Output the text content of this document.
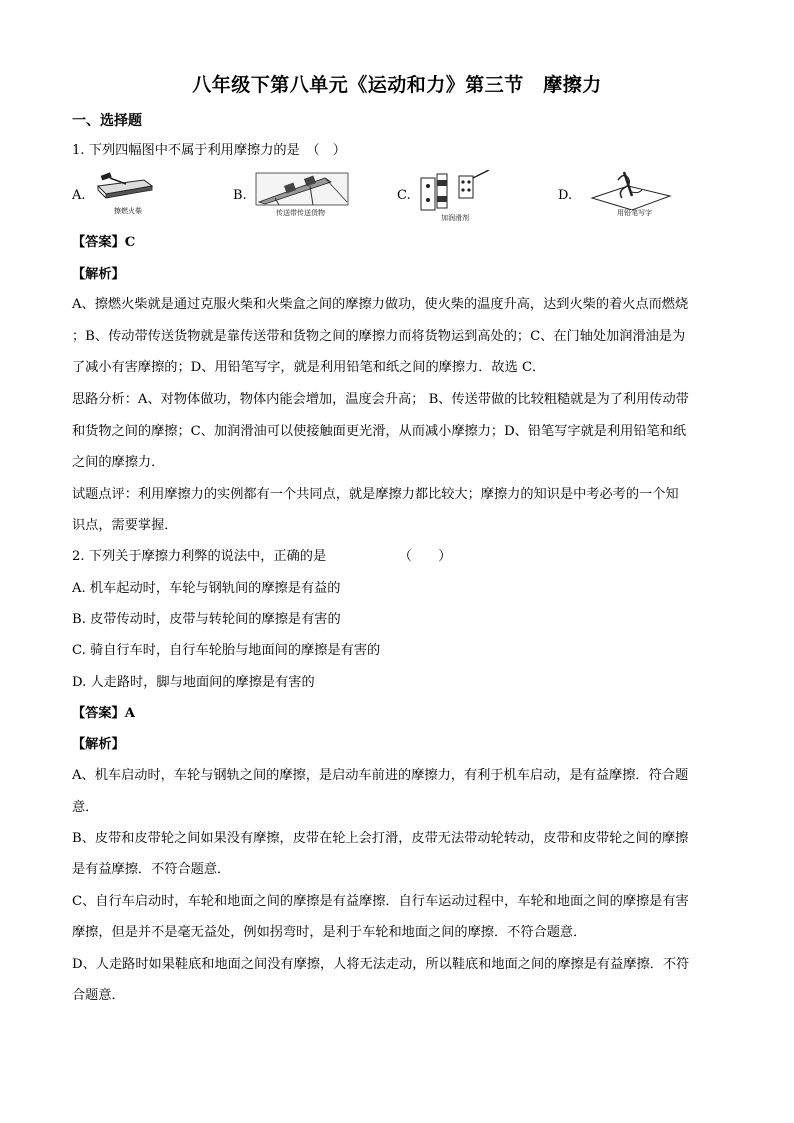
八年级下第八单元《运动和力》第三节　摩擦力
一、选择题
1. 下列四幅图中不属于利用摩擦力的是　（　）
A.
擦燃火柴
B.
传送带传送货物
C.
加润滑剂
D.
用铅笔写字
【答案】C
【解析】
A、擦燃火柴就是通过克服火柴和火柴盒之间的摩擦力做功，使火柴的温度升高，达到火柴的着火点而燃烧
；B、传动带传送货物就是靠传送带和货物之间的摩擦力而将货物运到高处的；C、在门轴处加润滑油是为
了减小有害摩擦的；D、用铅笔写字，就是利用铅笔和纸之间的摩擦力．故选 C．
思路分析：A、对物体做功，物体内能会增加，温度会升高； B、传送带做的比较粗糙就是为了利用传动带
和货物之间的摩擦；C、加润滑油可以使接触面更光滑，从而减小摩擦力；D、铅笔写字就是利用铅笔和纸
之间的摩擦力．
试题点评：利用摩擦力的实例都有一个共同点，就是摩擦力都比较大；摩擦力的知识是中考必考的一个知
识点，需要掌握．
2. 下列关于摩擦力利弊的说法中，正确的是　　　　　　（　　）
A. 机车起动时，车轮与钢轨间的摩擦是有益的
B. 皮带传动时，皮带与转轮间的摩擦是有害的
C. 骑自行车时，自行车轮胎与地面间的摩擦是有害的
D. 人走路时，脚与地面间的摩擦是有害的
【答案】A
【解析】
A、机车启动时，车轮与钢轨之间的摩擦，是启动车前进的摩擦力，有利于机车启动，是有益摩擦．符合题
意．
B、皮带和皮带轮之间如果没有摩擦，皮带在轮上会打滑，皮带无法带动轮转动，皮带和皮带轮之间的摩擦
是有益摩擦．不符合题意．
C、自行车启动时，车轮和地面之间的摩擦是有益摩擦．自行车运动过程中，车轮和地面之间的摩擦是有害
摩擦，但是并不是毫无益处，例如拐弯时，是利于车轮和地面之间的摩擦．不符合题意．
D、人走路时如果鞋底和地面之间没有摩擦，人将无法走动，所以鞋底和地面之间的摩擦是有益摩擦．不符
合题意．
